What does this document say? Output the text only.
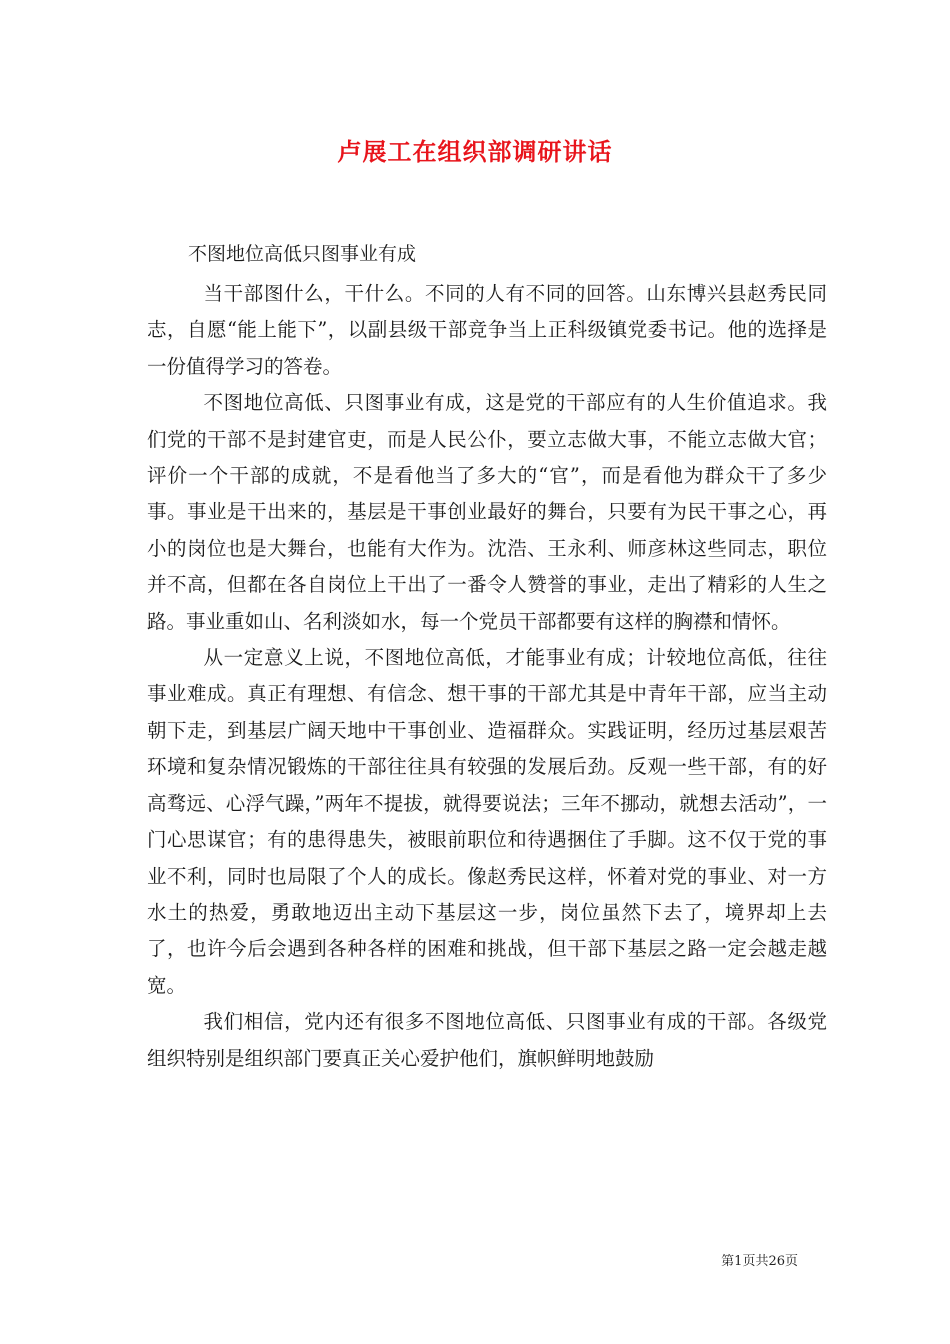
卢展工在组织部调研讲话
不图地位高低只图事业有成

当干部图什么，干什么。不同的人有不同的回答。山东博兴县赵秀民同志，自愿“能上能下”，以副县级干部竞争当上正科级镇党委书记。他的选择是一份值得学习的答卷。

不图地位高低、只图事业有成，这是党的干部应有的人生价值追求。我们党的干部不是封建官吏，而是人民公仆，要立志做大事，不能立志做大官；评价一个干部的成就，不是看他当了多大的“官”，而是看他为群众干了多少事。事业是干出来的，基层是干事创业最好的舞台，只要有为民干事之心，再小的岗位也是大舞台，也能有大作为。沈浩、王永利、师彦林这些同志，职位并不高，但都在各自岗位上干出了一番令人赞誉的事业，走出了精彩的人生之路。事业重如山、名利淡如水，每一个党员干部都要有这样的胸襟和情怀。

从一定意义上说，不图地位高低，才能事业有成；计较地位高低，往往事业难成。真正有理想、有信念、想干事的干部尤其是中青年干部，应当主动朝下走，到基层广阔天地中干事创业、造福群众。实践证明，经历过基层艰苦环境和复杂情况锻炼的干部往往具有较强的发展后劲。反观一些干部，有的好高骛远、心浮气躁，”两年不提拔，就得要说法；三年不挪动，就想去活动”，一门心思谋官；有的患得患失，被眼前职位和待遇捆住了手脚。这不仅于党的事业不利，同时也局限了个人的成长。像赵秀民这样，怀着对党的事业、对一方水土的热爱，勇敢地迈出主动下基层这一步，岗位虽然下去了，境界却上去了，也许今后会遇到各种各样的困难和挑战，但干部下基层之路一定会越走越宽。

我们相信，党内还有很多不图地位高低、只图事业有成的干部。各级党组织特别是组织部门要真正关心爱护他们，旗帜鲜明地鼓励

第1页共26页
